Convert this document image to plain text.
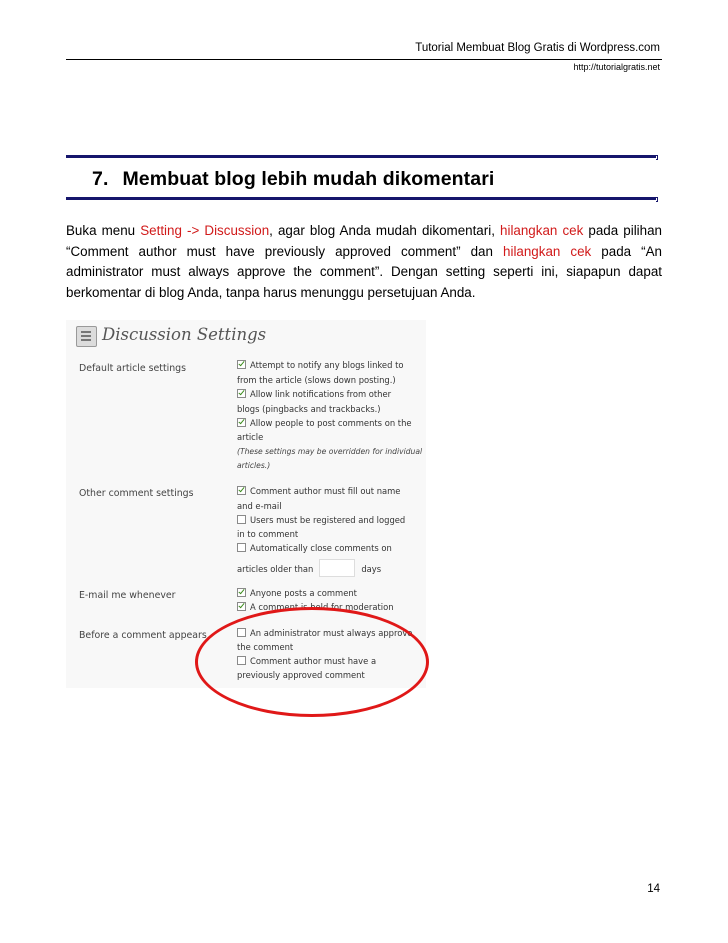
Tutorial Membuat Blog Gratis di Wordpress.com
http://tutorialgratis.net
7. Membuat blog lebih mudah dikomentari
Buka menu Setting -> Discussion, agar blog Anda mudah dikomentari, hilangkan cek pada pilihan “Comment author must have previously approved comment” dan hilangkan cek pada “An administrator must always approve the comment”. Dengan setting seperti ini, siapapun dapat berkomentar di blog Anda, tanpa harus menunggu persetujuan Anda.
Discussion Settings
Default article settings
Other comment settings
E-mail me whenever
Before a comment appears
Attempt to notify any blogs linked to
from the article (slows down posting.)
Allow link notifications from other
blogs (pingbacks and trackbacks.)
Allow people to post comments on the
article
(These settings may be overridden for individual
articles.)
Comment author must fill out name
and e-mail
Users must be registered and logged
in to comment
Automatically close comments on
articles older than	days
Anyone posts a comment
A comment is held for moderation
An administrator must always approve
the comment
Comment author must have a
previously approved comment
14
